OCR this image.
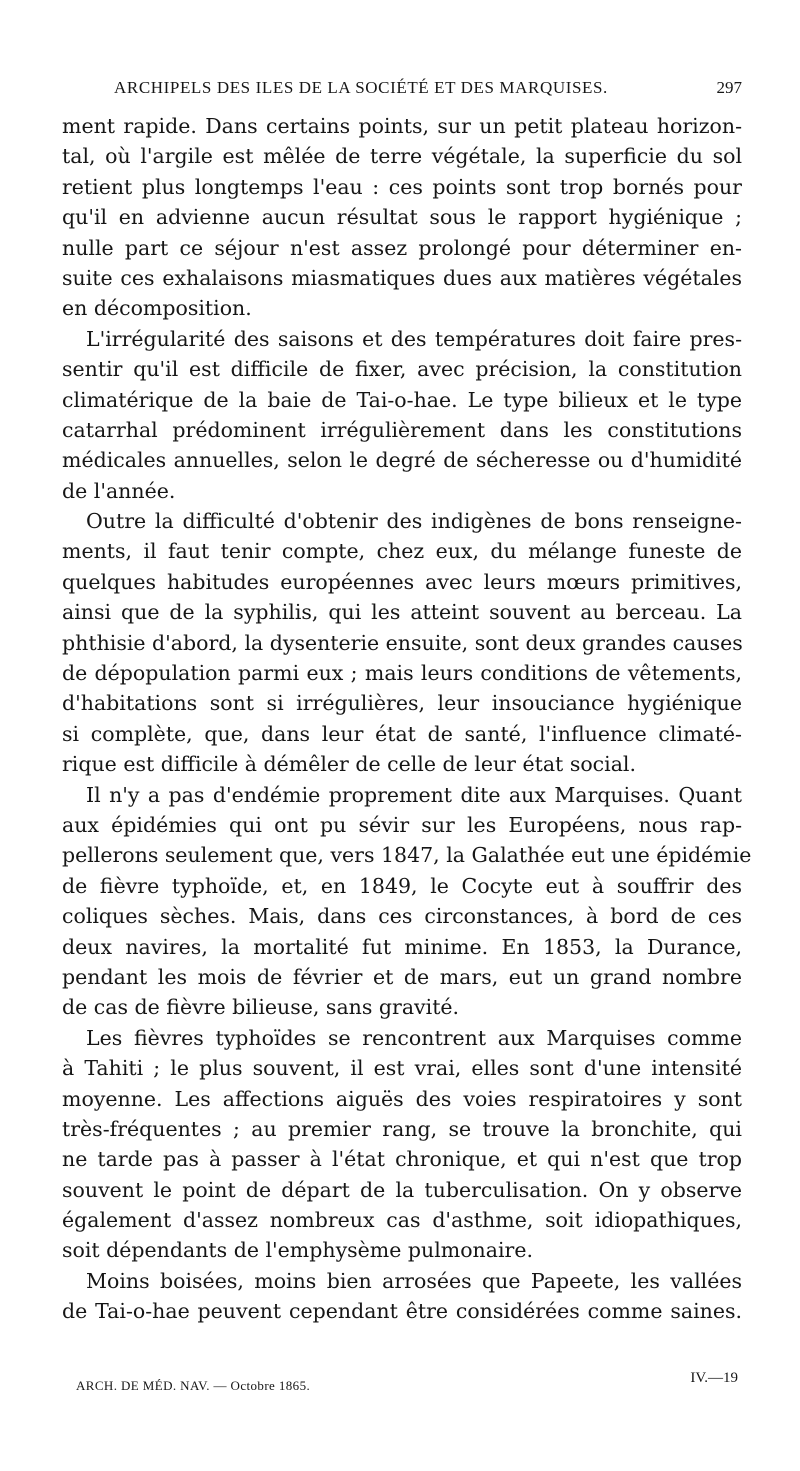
ARCHIPELS DES ILES DE LA SOCIÉTÉ ET DES MARQUISES.	297
ment rapide. Dans certains points, sur un petit plateau horizon-
tal, où l'argile est mêlée de terre végétale, la superficie du sol
retient plus longtemps l'eau : ces points sont trop bornés pour
qu'il en advienne aucun résultat sous le rapport hygiénique ;
nulle part ce séjour n'est assez prolongé pour déterminer en-
suite ces exhalaisons miasmatiques dues aux matières végétales
en décomposition.
L'irrégularité des saisons et des températures doit faire pres-
sentir qu'il est difficile de fixer, avec précision, la constitution
climatérique de la baie de Tai-o-hae. Le type bilieux et le type
catarrhal prédominent irrégulièrement dans les constitutions
médicales annuelles, selon le degré de sécheresse ou d'humidité
de l'année.
Outre la difficulté d'obtenir des indigènes de bons renseigne-
ments, il faut tenir compte, chez eux, du mélange funeste de
quelques habitudes européennes avec leurs mœurs primitives,
ainsi que de la syphilis, qui les atteint souvent au berceau. La
phthisie d'abord, la dysenterie ensuite, sont deux grandes causes
de dépopulation parmi eux ; mais leurs conditions de vêtements,
d'habitations sont si irrégulières, leur insouciance hygiénique
si complète, que, dans leur état de santé, l'influence climaté-
rique est difficile à démêler de celle de leur état social.
Il n'y a pas d'endémie proprement dite aux Marquises. Quant
aux épidémies qui ont pu sévir sur les Européens, nous rap-
pellerons seulement que, vers 1847, la Galathée eut une épidémie
de fièvre typhoïde, et, en 1849, le Cocyte eut à souffrir des
coliques sèches. Mais, dans ces circonstances, à bord de ces
deux navires, la mortalité fut minime. En 1853, la Durance,
pendant les mois de février et de mars, eut un grand nombre
de cas de fièvre bilieuse, sans gravité.
Les fièvres typhoïdes se rencontrent aux Marquises comme
à Tahiti ; le plus souvent, il est vrai, elles sont d'une intensité
moyenne. Les affections aiguës des voies respiratoires y sont
très-fréquentes ; au premier rang, se trouve la bronchite, qui
ne tarde pas à passer à l'état chronique, et qui n'est que trop
souvent le point de départ de la tuberculisation. On y observe
également d'assez nombreux cas d'asthme, soit idiopathiques,
soit dépendants de l'emphysème pulmonaire.
Moins boisées, moins bien arrosées que Papeete, les vallées
de Tai-o-hae peuvent cependant être considérées comme saines.
ARCH. DE MÉD. NAV. — Octobre 1865.	IV.—19
